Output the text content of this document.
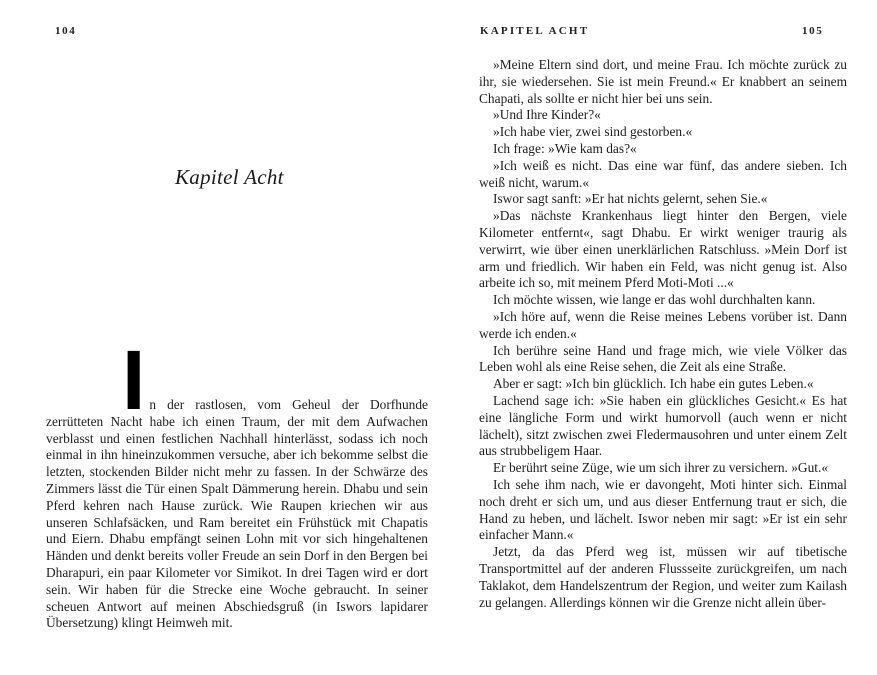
104
Kapitel Acht

In der rastlosen, vom Geheul der Dorfhunde zerrütteten Nacht habe ich einen Traum, der mit dem Aufwachen verblasst und einen festlichen Nachhall hinterlässt, sodass ich noch einmal in ihn hineinzukommen versuche, aber ich bekomme selbst die letzten, stockenden Bilder nicht mehr zu fassen. In der Schwärze des Zimmers lässt die Tür einen Spalt Dämmerung herein. Dhabu und sein Pferd kehren nach Hause zurück. Wie Raupen kriechen wir aus unseren Schlafsäcken, und Ram bereitet ein Frühstück mit Chapatis und Eiern. Dhabu empfängt seinen Lohn mit vor sich hingehaltenen Händen und denkt bereits voller Freude an sein Dorf in den Bergen bei Dharapuri, ein paar Kilometer vor Simikot. In drei Tagen wird er dort sein. Wir haben für die Strecke eine Woche gebraucht. In seiner scheuen Antwort auf meinen Abschiedsgruß (in Iswors lapidarer Übersetzung) klingt Heimweh mit.

KAPITEL ACHT	105

»Meine Eltern sind dort, und meine Frau. Ich möchte zurück zu ihr, sie wiedersehen. Sie ist mein Freund.« Er knabbert an seinem Chapati, als sollte er nicht hier bei uns sein.

»Und Ihre Kinder?«

»Ich habe vier, zwei sind gestorben.«

Ich frage: »Wie kam das?«

»Ich weiß es nicht. Das eine war fünf, das andere sieben. Ich weiß nicht, warum.«

Iswor sagt sanft: »Er hat nichts gelernt, sehen Sie.«

»Das nächste Krankenhaus liegt hinter den Bergen, viele Kilometer entfernt«, sagt Dhabu. Er wirkt weniger traurig als verwirrt, wie über einen unerklärlichen Ratschluss. »Mein Dorf ist arm und friedlich. Wir haben ein Feld, was nicht genug ist. Also arbeite ich so, mit meinem Pferd Moti-Moti ...«

Ich möchte wissen, wie lange er das wohl durchhalten kann.

»Ich höre auf, wenn die Reise meines Lebens vorüber ist. Dann werde ich enden.«

Ich berühre seine Hand und frage mich, wie viele Völker das Leben wohl als eine Reise sehen, die Zeit als eine Straße.

Aber er sagt: »Ich bin glücklich. Ich habe ein gutes Leben.«

Lachend sage ich: »Sie haben ein glückliches Gesicht.« Es hat eine längliche Form und wirkt humorvoll (auch wenn er nicht lächelt), sitzt zwischen zwei Fledermausohren und unter einem Zelt aus strubbeligem Haar.

Er berührt seine Züge, wie um sich ihrer zu versichern. »Gut.«

Ich sehe ihm nach, wie er davongeht, Moti hinter sich. Einmal noch dreht er sich um, und aus dieser Entfernung traut er sich, die Hand zu heben, und lächelt. Iswor neben mir sagt: »Er ist ein sehr einfacher Mann.«

Jetzt, da das Pferd weg ist, müssen wir auf tibetische Transportmittel auf der anderen Flussseite zurückgreifen, um nach Taklakot, dem Handelszentrum der Region, und weiter zum Kailash zu gelangen. Allerdings können wir die Grenze nicht allein über-
